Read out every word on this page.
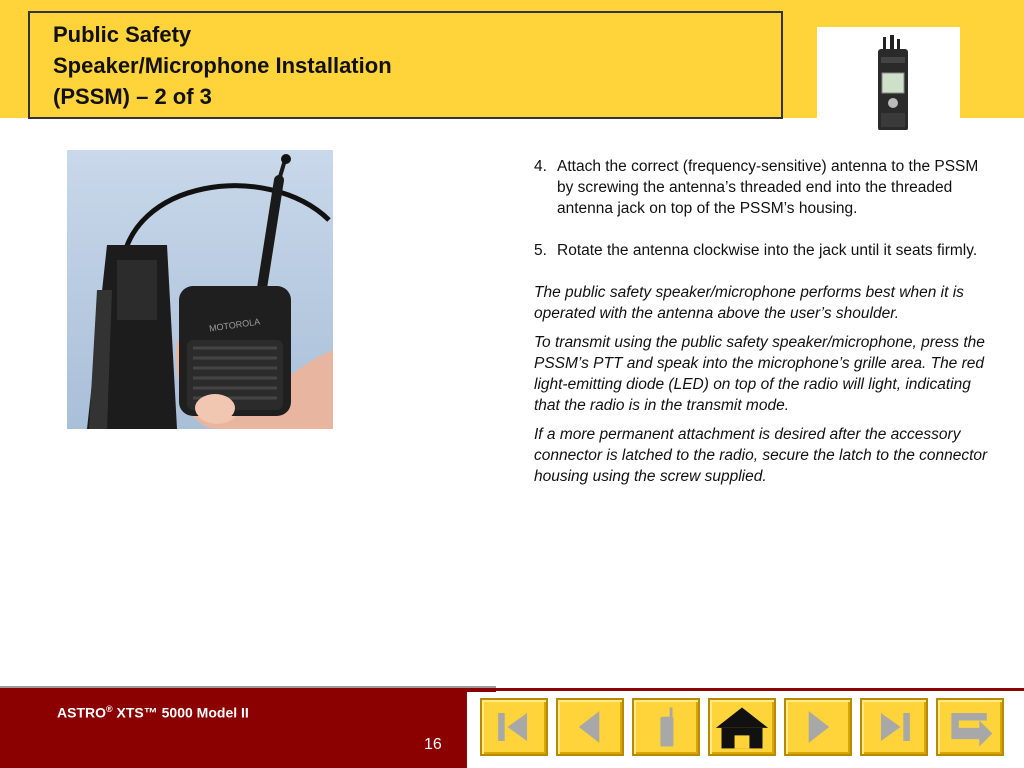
Public Safety
Speaker/Microphone Installation
(PSSM) – 2 of 3
MOTOROLA
4. Attach the correct (frequency-sensitive) antenna to the PSSM by screwing the antenna’s threaded end into the threaded antenna jack on top of the PSSM’s housing.
5. Rotate the antenna clockwise into the jack until it seats firmly.

The public safety speaker/microphone performs best when it is operated with the antenna above the user’s shoulder.

To transmit using the public safety speaker/microphone, press the PSSM’s PTT and speak into the microphone’s grille area. The red light-emitting diode (LED) on top of the radio will light, indicating that the radio is in the transmit mode.

If a more permanent attachment is desired after the accessory connector is latched to the radio, secure the latch to the connector housing using the screw supplied.

ASTRO® XTS™ 5000 Model II
16
